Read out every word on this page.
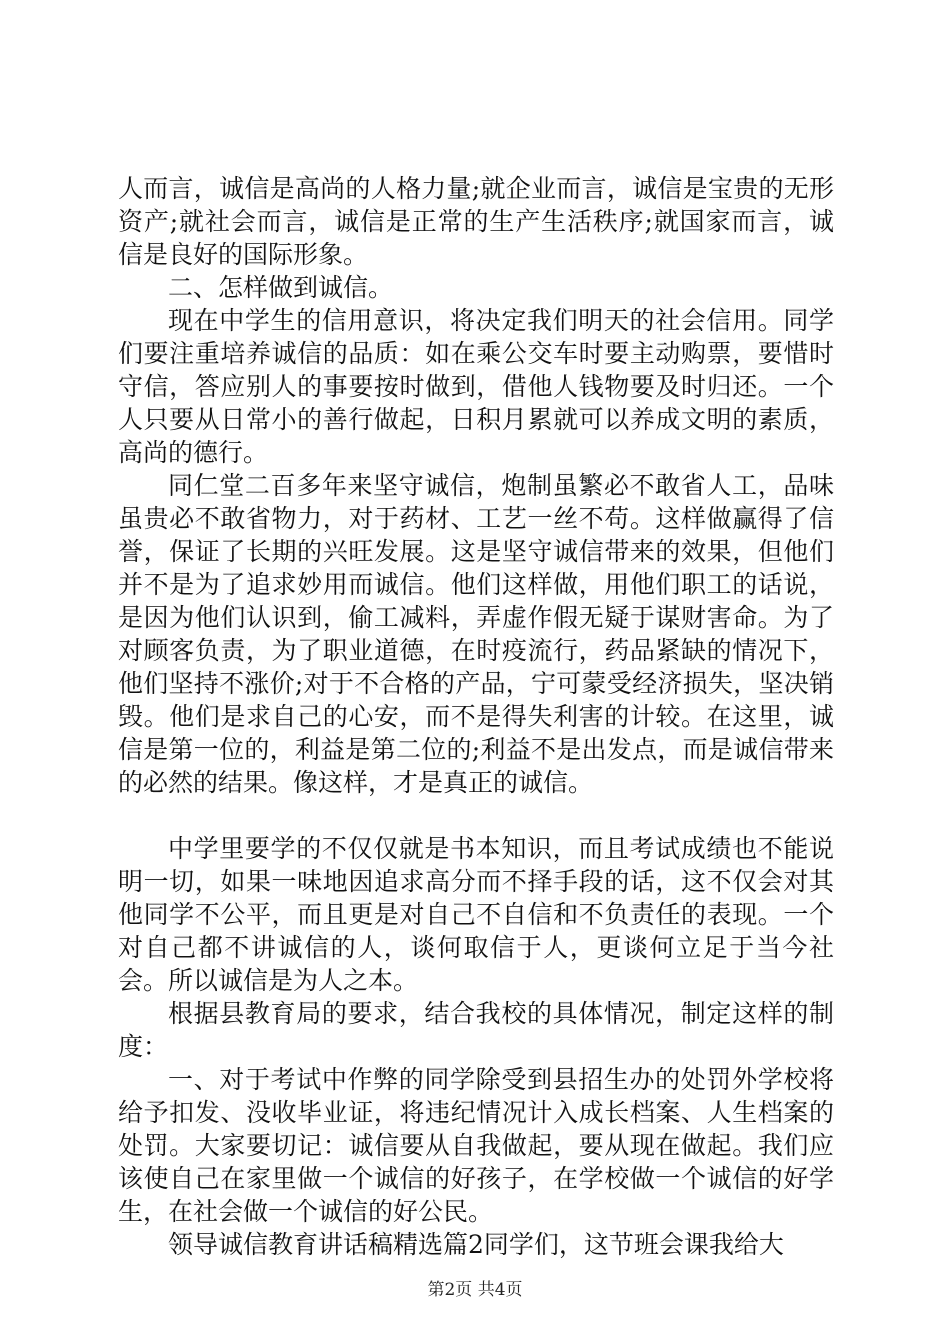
人而言，诚信是高尚的人格力量;就企业而言，诚信是宝贵的无形资产;就社会而言，诚信是正常的生产生活秩序;就国家而言，诚信是良好的国际形象。

二、怎样做到诚信。

现在中学生的信用意识，将决定我们明天的社会信用。同学们要注重培养诚信的品质：如在乘公交车时要主动购票，要惜时守信，答应别人的事要按时做到，借他人钱物要及时归还。一个人只要从日常小的善行做起，日积月累就可以养成文明的素质，高尚的德行。

同仁堂二百多年来坚守诚信，炮制虽繁必不敢省人工，品味虽贵必不敢省物力，对于药材、工艺一丝不苟。这样做赢得了信誉，保证了长期的兴旺发展。这是坚守诚信带来的效果，但他们并不是为了追求妙用而诚信。他们这样做，用他们职工的话说，是因为他们认识到，偷工减料，弄虚作假无疑于谋财害命。为了对顾客负责，为了职业道德，在时疫流行，药品紧缺的情况下，他们坚持不涨价;对于不合格的产品，宁可蒙受经济损失，坚决销毁。他们是求自己的心安，而不是得失利害的计较。在这里，诚信是第一位的，利益是第二位的;利益不是出发点，而是诚信带来的必然的结果。像这样，才是真正的诚信。

中学里要学的不仅仅就是书本知识，而且考试成绩也不能说明一切，如果一味地因追求高分而不择手段的话，这不仅会对其他同学不公平，而且更是对自己不自信和不负责任的表现。一个对自己都不讲诚信的人，谈何取信于人，更谈何立足于当今社会。所以诚信是为人之本。

根据县教育局的要求，结合我校的具体情况，制定这样的制度：

一、对于考试中作弊的同学除受到县招生办的处罚外学校将给予扣发、没收毕业证，将违纪情况计入成长档案、人生档案的处罚。大家要切记：诚信要从自我做起，要从现在做起。我们应该使自己在家里做一个诚信的好孩子，在学校做一个诚信的好学生，在社会做一个诚信的好公民。

领导诚信教育讲话稿精选篇2同学们，这节班会课我给大

第2页 共4页
